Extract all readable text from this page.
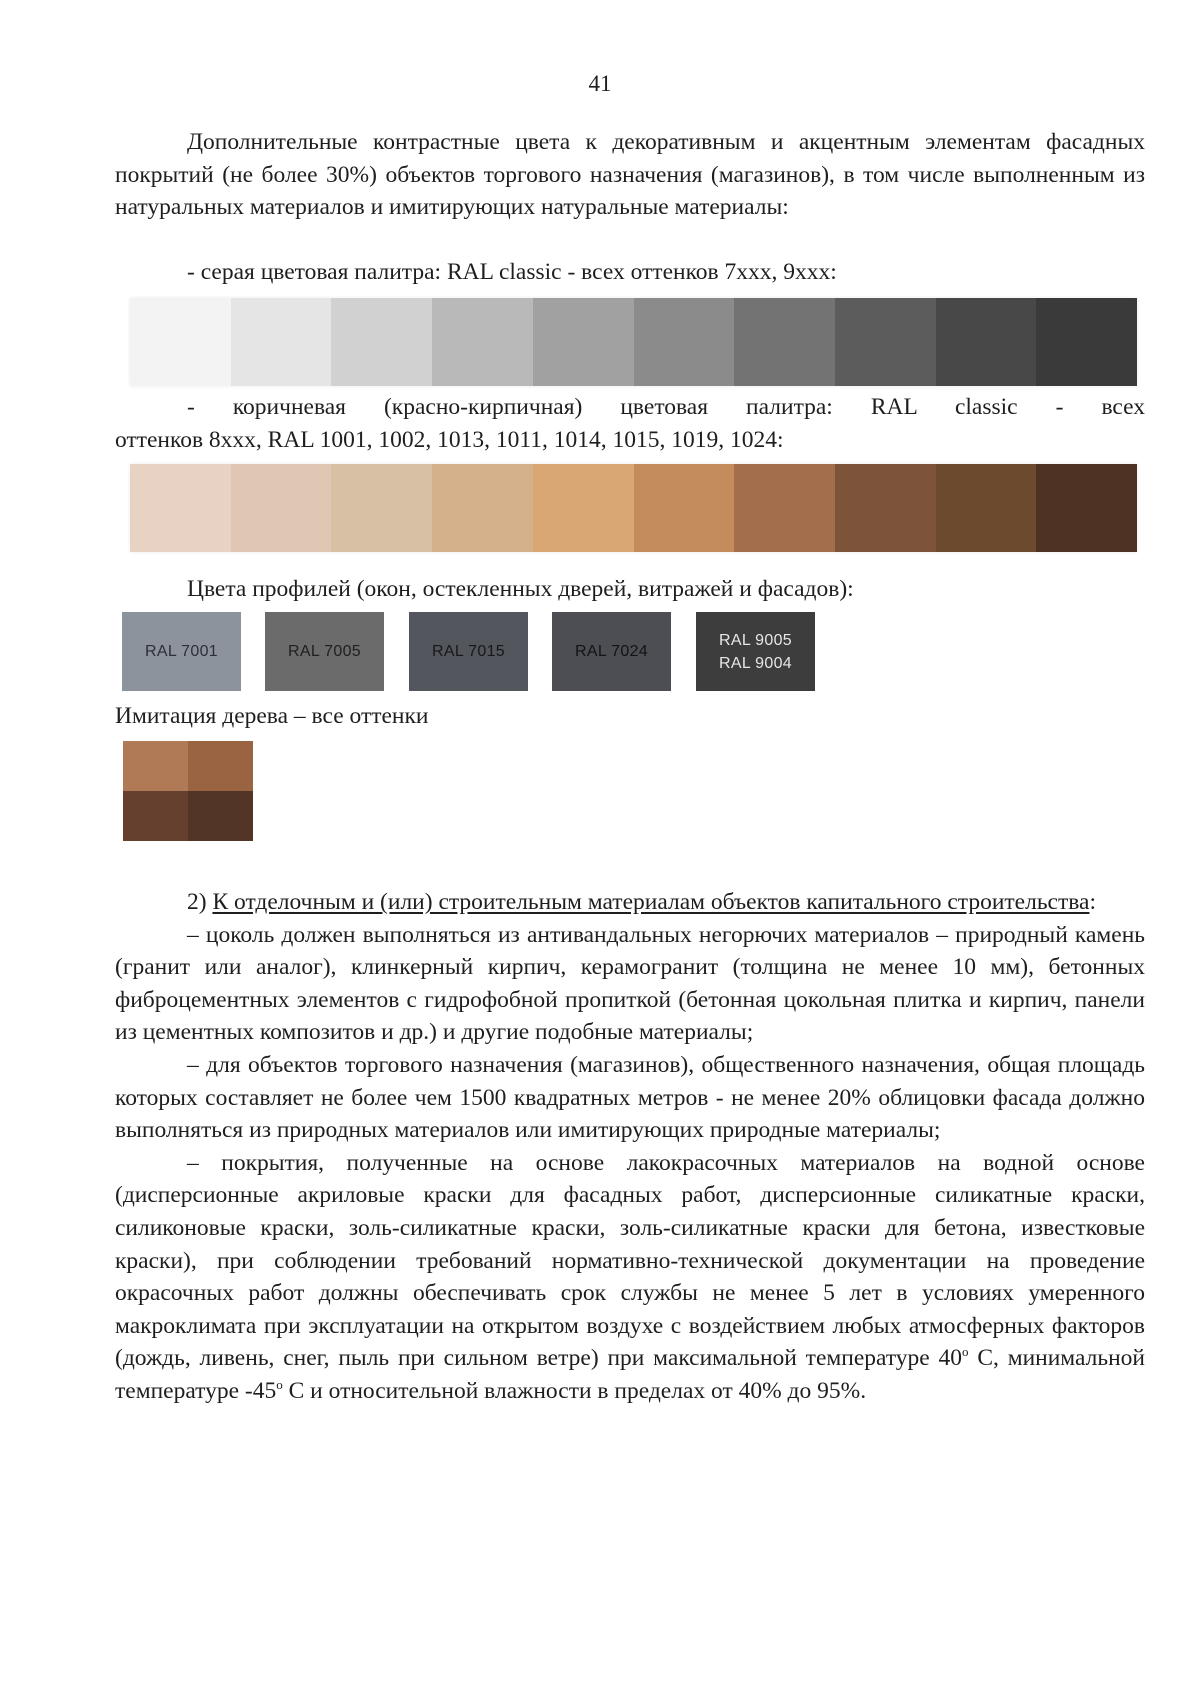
41

Дополнительные контрастные цвета к декоративным и акцентным элементам фасадных покрытий (не более 30%) объектов торгового назначения (магазинов), в том числе выполненным из натуральных материалов и имитирующих натуральные материалы:

- серая цветовая палитра: RAL classic - всех оттенков 7ххх, 9ххх:

- коричневая (красно-кирпичная) цветовая палитра: RAL classic - всех

оттенков 8ххх, RAL 1001, 1002, 1013, 1011, 1014, 1015, 1019, 1024:

Цвета профилей (окон, остекленных дверей, витражей и фасадов):

RAL 7001	RAL 7005	RAL 7015	RAL 7024
RAL 9005
RAL 9004

Имитация дерева – все оттенки

2) К отделочным и (или) строительным материалам объектов капитального строительства:

– цоколь должен выполняться из антивандальных негорючих материалов – природный камень (гранит или аналог), клинкерный кирпич, керамогранит (толщина не менее 10 мм), бетонных фиброцементных элементов с гидрофобной пропиткой (бетонная цокольная плитка и кирпич, панели из цементных композитов и др.) и другие подобные материалы;

– для объектов торгового назначения (магазинов), общественного назначения, общая площадь которых составляет не более чем 1500 квадратных метров - не менее 20% облицовки фасада должно выполняться из природных материалов или имитирующих природные материалы;

– покрытия, полученные на основе лакокрасочных материалов на водной основе (дисперсионные акриловые краски для фасадных работ, дисперсионные силикатные краски, силиконовые краски, золь-силикатные краски, золь-силикатные краски для бетона, известковые краски), при соблюдении требований нормативно-технической документации на проведение окрасочных работ должны обеспечивать срок службы не менее 5 лет в условиях умеренного макроклимата при эксплуатации на открытом воздухе с воздействием любых атмосферных факторов (дождь, ливень, снег, пыль при сильном ветре) при максимальной температуре $40^о$ С, минимальной температуре $-45^о$ С и относительной влажности в пределах от 40% до 95%.
